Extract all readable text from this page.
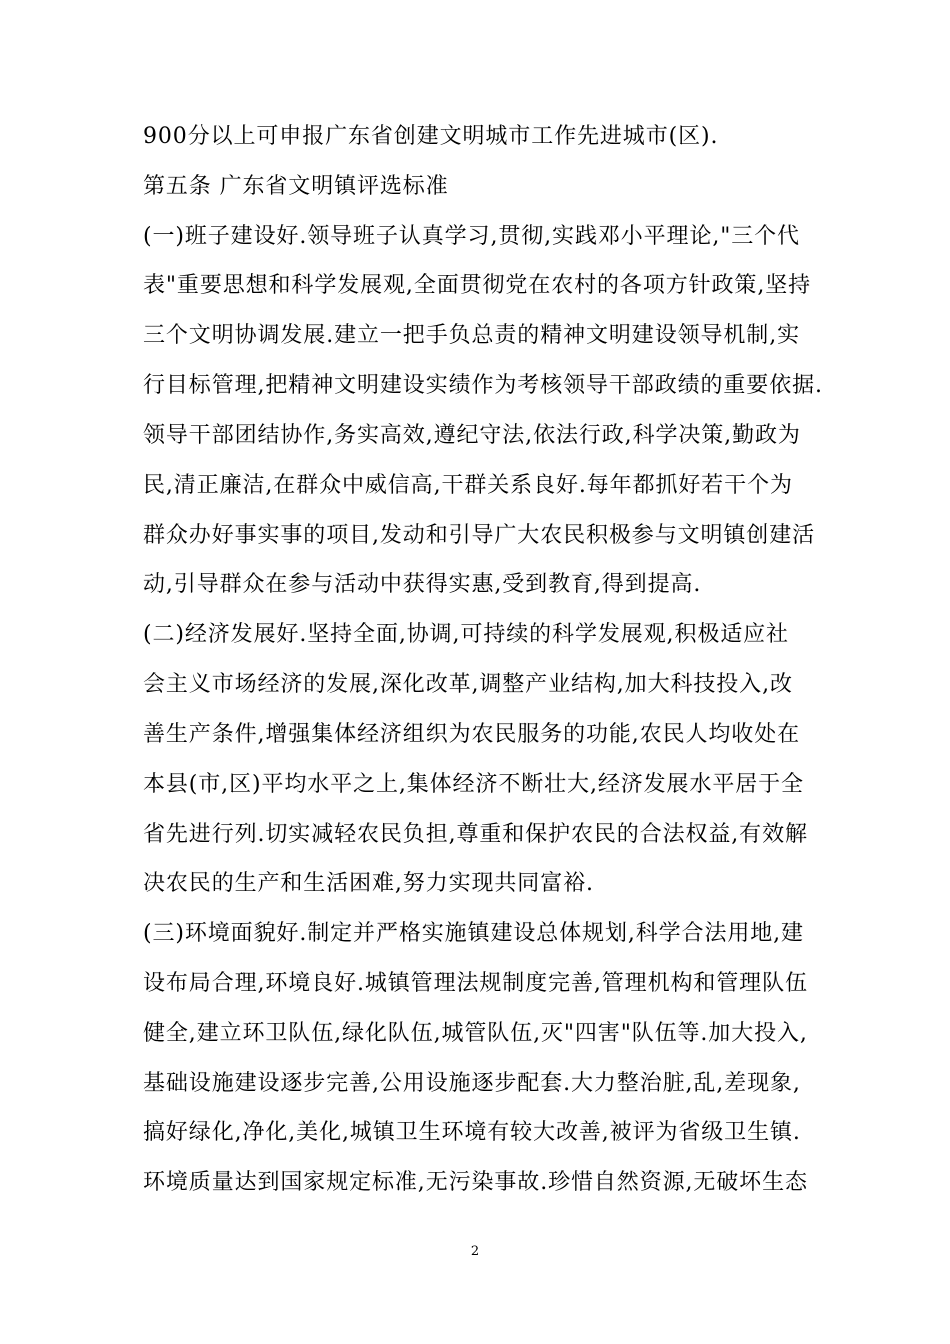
900分以上可申报广东省创建文明城市工作先进城市(区).
第五条 广东省文明镇评选标准
(一)班子建设好.领导班子认真学习,贯彻,实践邓小平理论,"三个代
表"重要思想和科学发展观,全面贯彻党在农村的各项方针政策,坚持
三个文明协调发展.建立一把手负总责的精神文明建设领导机制,实
行目标管理,把精神文明建设实绩作为考核领导干部政绩的重要依据.
领导干部团结协作,务实高效,遵纪守法,依法行政,科学决策,勤政为
民,清正廉洁,在群众中威信高,干群关系良好.每年都抓好若干个为
群众办好事实事的项目,发动和引导广大农民积极参与文明镇创建活
动,引导群众在参与活动中获得实惠,受到教育,得到提高.
(二)经济发展好.坚持全面,协调,可持续的科学发展观,积极适应社
会主义市场经济的发展,深化改革,调整产业结构,加大科技投入,改
善生产条件,增强集体经济组织为农民服务的功能,农民人均收处在
本县(市,区)平均水平之上,集体经济不断壮大,经济发展水平居于全
省先进行列.切实减轻农民负担,尊重和保护农民的合法权益,有效解
决农民的生产和生活困难,努力实现共同富裕.
(三)环境面貌好.制定并严格实施镇建设总体规划,科学合法用地,建
设布局合理,环境良好.城镇管理法规制度完善,管理机构和管理队伍
健全,建立环卫队伍,绿化队伍,城管队伍,灭"四害"队伍等.加大投入,
基础设施建设逐步完善,公用设施逐步配套.大力整治脏,乱,差现象,
搞好绿化,净化,美化,城镇卫生环境有较大改善,被评为省级卫生镇.
环境质量达到国家规定标准,无污染事故.珍惜自然资源,无破坏生态
2
